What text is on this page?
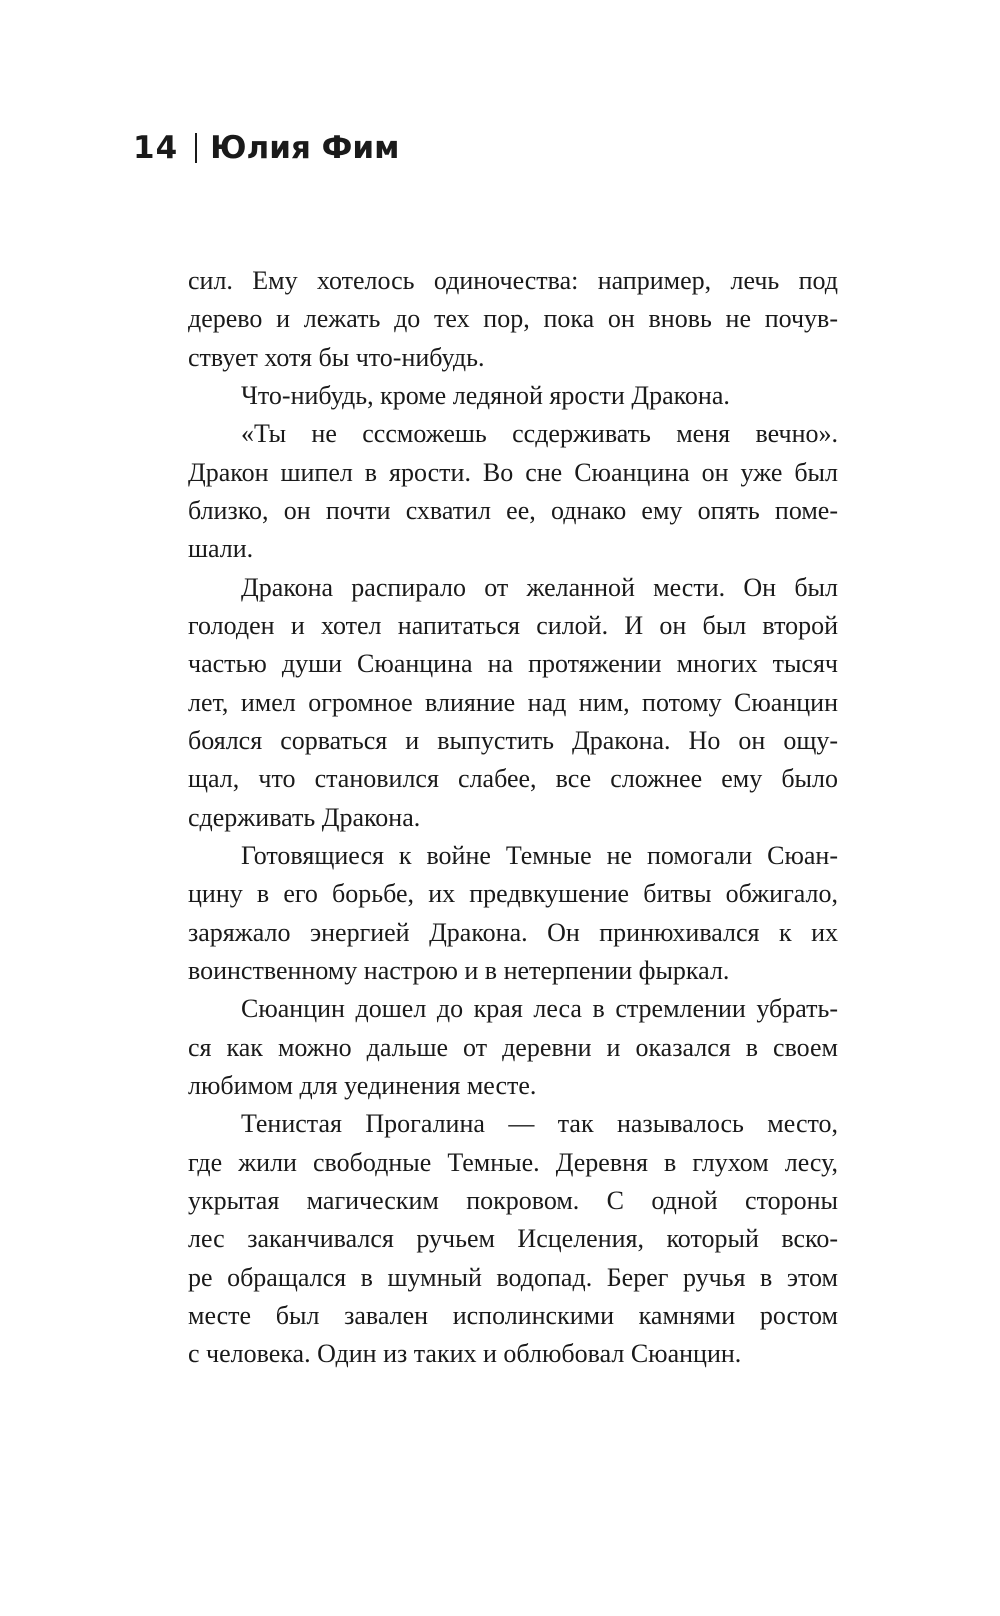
14 Юлия Фим
сил. Ему хотелось одиночества: например, лечь под
дерево и лежать до тех пор, пока он вновь не почув-
ствует хотя бы что-нибудь.
Что-нибудь, кроме ледяной ярости Дракона.
«Ты не сссможешь ссдерживать меня вечно».
Дракон шипел в ярости. Во сне Сюанцина он уже был
близко, он почти схватил ее, однако ему опять поме-
шали.
Дракона распирало от желанной мести. Он был
голоден и хотел напитаться силой. И он был второй
частью души Сюанцина на протяжении многих тысяч
лет, имел огромное влияние над ним, потому Сюанцин
боялся сорваться и выпустить Дракона. Но он ощу-
щал, что становился слабее, все сложнее ему было
сдерживать Дракона.
Готовящиеся к войне Темные не помогали Сюан-
цину в его борьбе, их предвкушение битвы обжигало,
заряжало энергией Дракона. Он принюхивался к их
воинственному настрою и в нетерпении фыркал.
Сюанцин дошел до края леса в стремлении убрать-
ся как можно дальше от деревни и оказался в своем
любимом для уединения месте.
Тенистая Прогалина — так называлось место,
где жили свободные Темные. Деревня в глухом лесу,
укрытая магическим покровом. С одной стороны
лес заканчивался ручьем Исцеления, который вско-
ре обращался в шумный водопад. Берег ручья в этом
месте был завален исполинскими камнями ростом
с человека. Один из таких и облюбовал Сюанцин.
